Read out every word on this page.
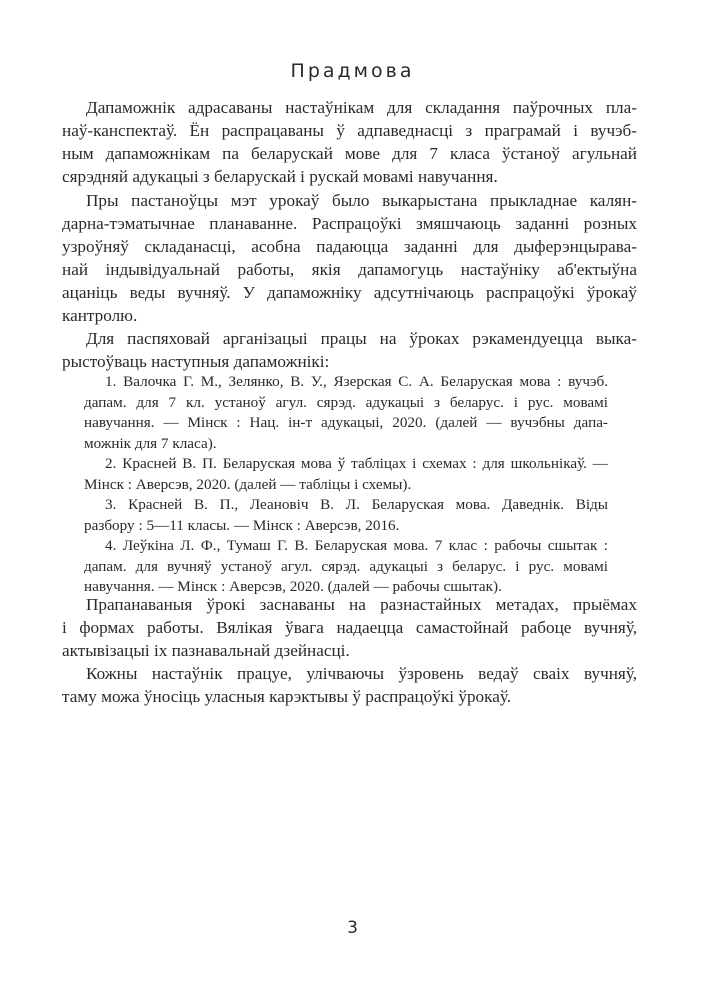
Прадмова
Дапаможнік адрасаваны настаўнікам для складання паўрочных пла-
наў-канспектаў. Ён распрацаваны ў адпаведнасці з праграмай і вучэб-
ным дапаможнікам па беларускай мове для 7 класа ўстаноў агульнай
сярэдняй адукацыі з беларускай і рускай мовамі навучання.
Пры пастаноўцы мэт урокаў было выкарыстана прыкладнае калян-
дарна-тэматычнае планаванне. Распрацоўкі змяшчаюць заданні розных
узроўняў складанасці, асобна падаюцца заданні для дыферэнцырава-
най індывідуальнай работы, якія дапамогуць настаўніку аб'ектыўна
ацаніць веды вучняў. У дапаможніку адсутнічаюць распрацоўкі ўрокаў
кантролю.
Для паспяховай арганізацыі працы на ўроках рэкамендуецца выка-
рыстоўваць наступныя дапаможнікі:
1. Валочка Г. М., Зелянко, В. У., Язерская С. А. Беларуская мова : вучэб.
дапам. для 7 кл. устаноў агул. сярэд. адукацыі з беларус. і рус. мовамі
навучання. — Мінск : Нац. ін-т адукацыі, 2020. (далей — вучэбны дапа-
можнік для 7 класа).
2. Красней В. П. Беларуская мова ў табліцах і схемах : для школьнікаў. —
Мінск : Аверсэв, 2020. (далей — табліцы і схемы).
3. Красней В. П., Леановіч В. Л. Беларуская мова. Даведнік. Віды
разбору : 5—11 класы. — Мінск : Аверсэв, 2016.
4. Леўкіна Л. Ф., Тумаш Г. В. Беларуская мова. 7 клас : рабочы сшытак :
дапам. для вучняў устаноў агул. сярэд. адукацыі з беларус. і рус. мовамі
навучання. — Мінск : Аверсэв, 2020. (далей — рабочы сшытак).
Прапанаваныя ўрокі заснаваны на разнастайных метадах, прыёмах
і формах работы. Вялікая ўвага надаецца самастойнай рабоце вучняў,
актывізацыі іх пазнавальнай дзейнасці.
Кожны настаўнік працуе, улічваючы ўзровень ведаў сваіх вучняў,
таму можа ўносіць уласныя карэктывы ў распрацоўкі ўрокаў.
3
